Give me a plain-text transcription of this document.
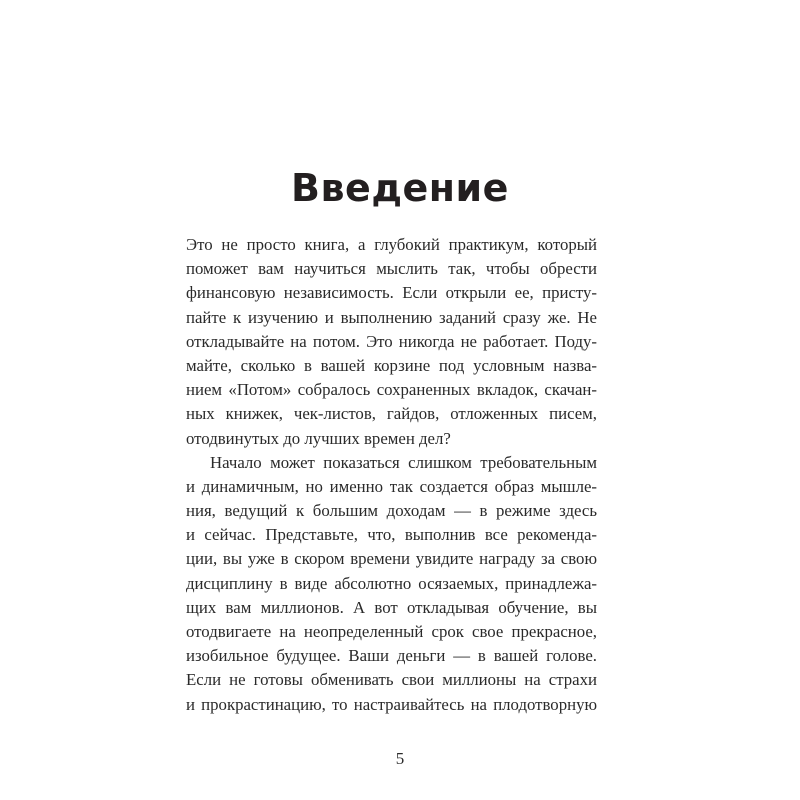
Введение
Это не просто книга, а глубокий практикум, который
поможет вам научиться мыслить так, чтобы обрести
финансовую независимость. Если открыли ее, присту-
пайте к изучению и выполнению заданий сразу же. Не
откладывайте на потом. Это никогда не работает. Поду-
майте, сколько в вашей корзине под условным назва-
нием «Потом» собралось сохраненных вкладок, скачан-
ных книжек, чек-листов, гайдов, отложенных писем,
отодвинутых до лучших времен дел?
Начало может показаться слишком требовательным
и динамичным, но именно так создается образ мышле-
ния, ведущий к большим доходам — в режиме здесь
и сейчас. Представьте, что, выполнив все рекоменда-
ции, вы уже в скором времени увидите награду за свою
дисциплину в виде абсолютно осязаемых, принадлежа-
щих вам миллионов. А вот откладывая обучение, вы
отодвигаете на неопределенный срок свое прекрасное,
изобильное будущее. Ваши деньги — в вашей голове.
Если не готовы обменивать свои миллионы на страхи
и прокрастинацию, то настраивайтесь на плодотворную
5
